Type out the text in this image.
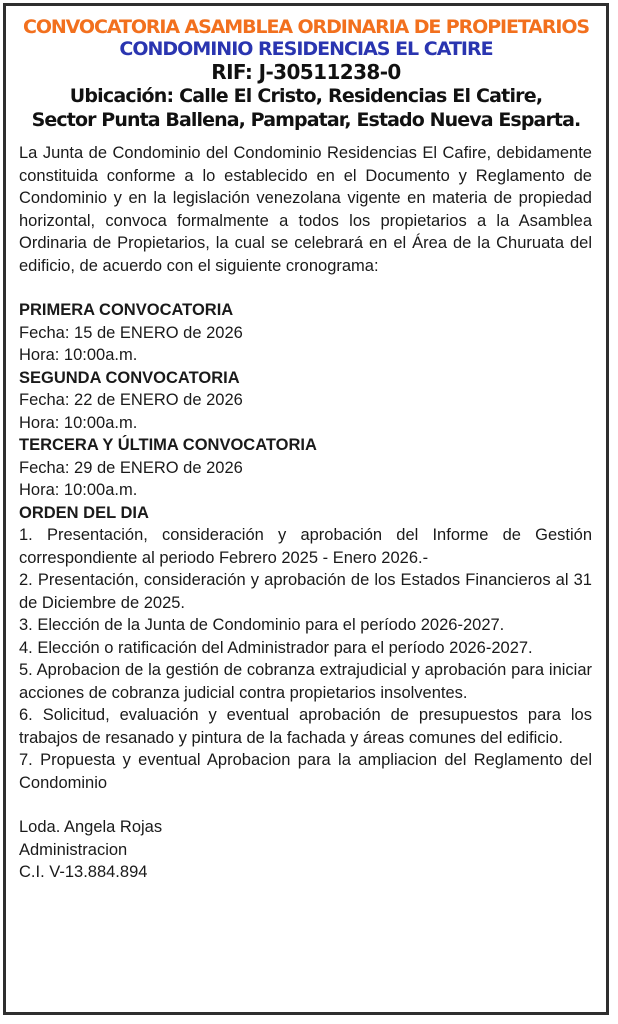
CONVOCATORIA ASAMBLEA ORDINARIA DE PROPIETARIOS

CONDOMINIO RESIDENCIAS EL CATIRE

RIF: J-30511238-0

Ubicación: Calle El Cristo, Residencias El Catire,

Sector Punta Ballena, Pampatar, Estado Nueva Esparta.

La Junta de Condominio del Condominio Residencias El Cafire, debidamente constituida conforme a lo establecido en el Documento y Reglamento de Condominio y en la legislación venezolana vigente en materia de propiedad horizontal, convoca formalmente a todos los propietarios a la Asamblea Ordinaria de Propietarios, la cual se celebrará en el Área de la Churuata del edificio, de acuerdo con el siguiente cronograma:

PRIMERA CONVOCATORIA

Fecha: 15 de ENERO de 2026

Hora: 10:00a.m.

SEGUNDA CONVOCATORIA

Fecha: 22 de ENERO de 2026

Hora: 10:00a.m.

TERCERA Y ÚLTIMA CONVOCATORIA

Fecha: 29 de ENERO de 2026

Hora: 10:00a.m.

ORDEN DEL DIA

1. Presentación, consideración y aprobación del Informe de Gestión correspondiente al periodo Febrero 2025 - Enero 2026.-

2. Presentación, consideración y aprobación de los Estados Financieros al 31 de Diciembre de 2025.

3. Elección de la Junta de Condominio para el período 2026-2027.

4. Elección o ratificación del Administrador para el período 2026-2027.

5. Aprobacion de la gestión de cobranza extrajudicial y aprobación para iniciar acciones de cobranza judicial contra propietarios insolventes.

6. Solicitud, evaluación y eventual aprobación de presupuestos para los trabajos de resanado y pintura de la fachada y áreas comunes del edificio.

7. Propuesta y eventual Aprobacion para la ampliacion del Reglamento del Condominio

Loda. Angela Rojas

Administracion

C.I. V-13.884.894
